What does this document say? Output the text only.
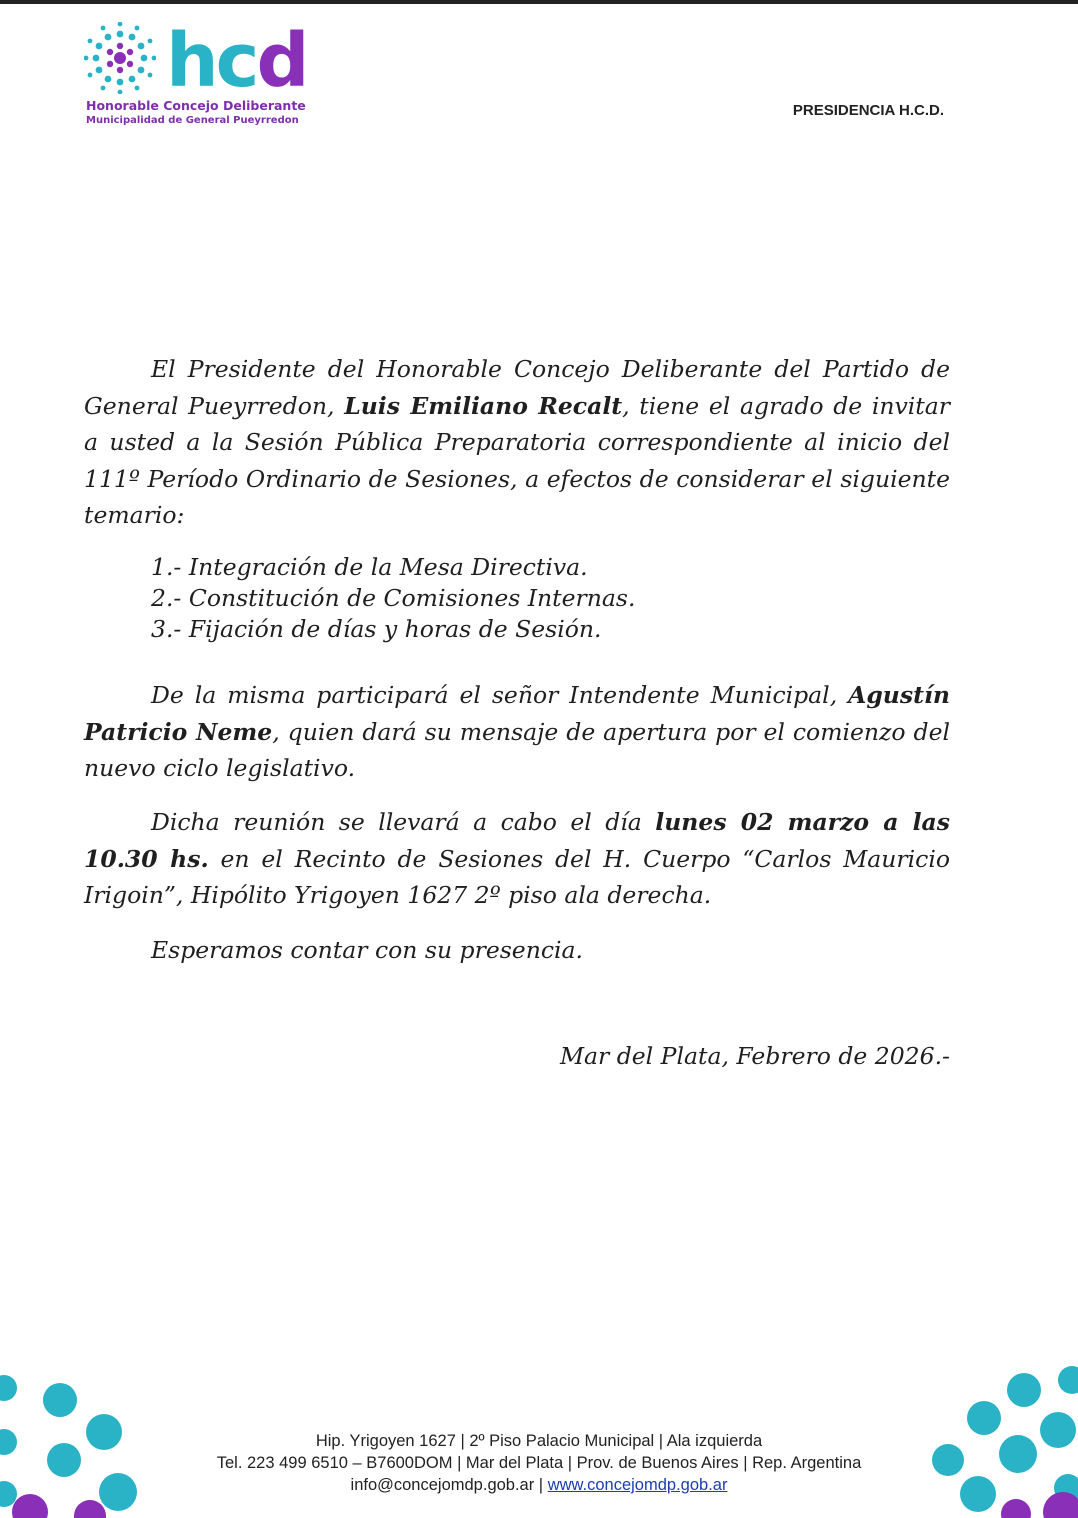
hcd
Honorable Concejo Deliberante
Municipalidad de General Pueyrredon
PRESIDENCIA H.C.D.

El Presidente del Honorable Concejo Deliberante del Partido de General Pueyrredon, Luis Emiliano Recalt, tiene el agrado de invitar a usted a la Sesión Pública Preparatoria correspondiente al inicio del 111º Período Ordinario de Sesiones, a efectos de considerar el siguiente temario:

1.- Integración de la Mesa Directiva.
2.- Constitución de Comisiones Internas.
3.- Fijación de días y horas de Sesión.

De la misma participará el señor Intendente Municipal, Agustín Patricio Neme, quien dará su mensaje de apertura por el comienzo del nuevo ciclo legislativo.

Dicha reunión se llevará a cabo el día lunes 02 marzo a las 10.30 hs. en el Recinto de Sesiones del H. Cuerpo “Carlos Mauricio Irigoin”, Hipólito Yrigoyen 1627 2º piso ala derecha.

Esperamos contar con su presencia.

Mar del Plata, Febrero de 2026.-
Hip. Yrigoyen 1627 | 2º Piso Palacio Municipal | Ala izquierda
Tel. 223 499 6510 – B7600DOM | Mar del Plata | Prov. de Buenos Aires | Rep. Argentina
info@concejomdp.gob.ar | www.concejomdp.gob.ar
